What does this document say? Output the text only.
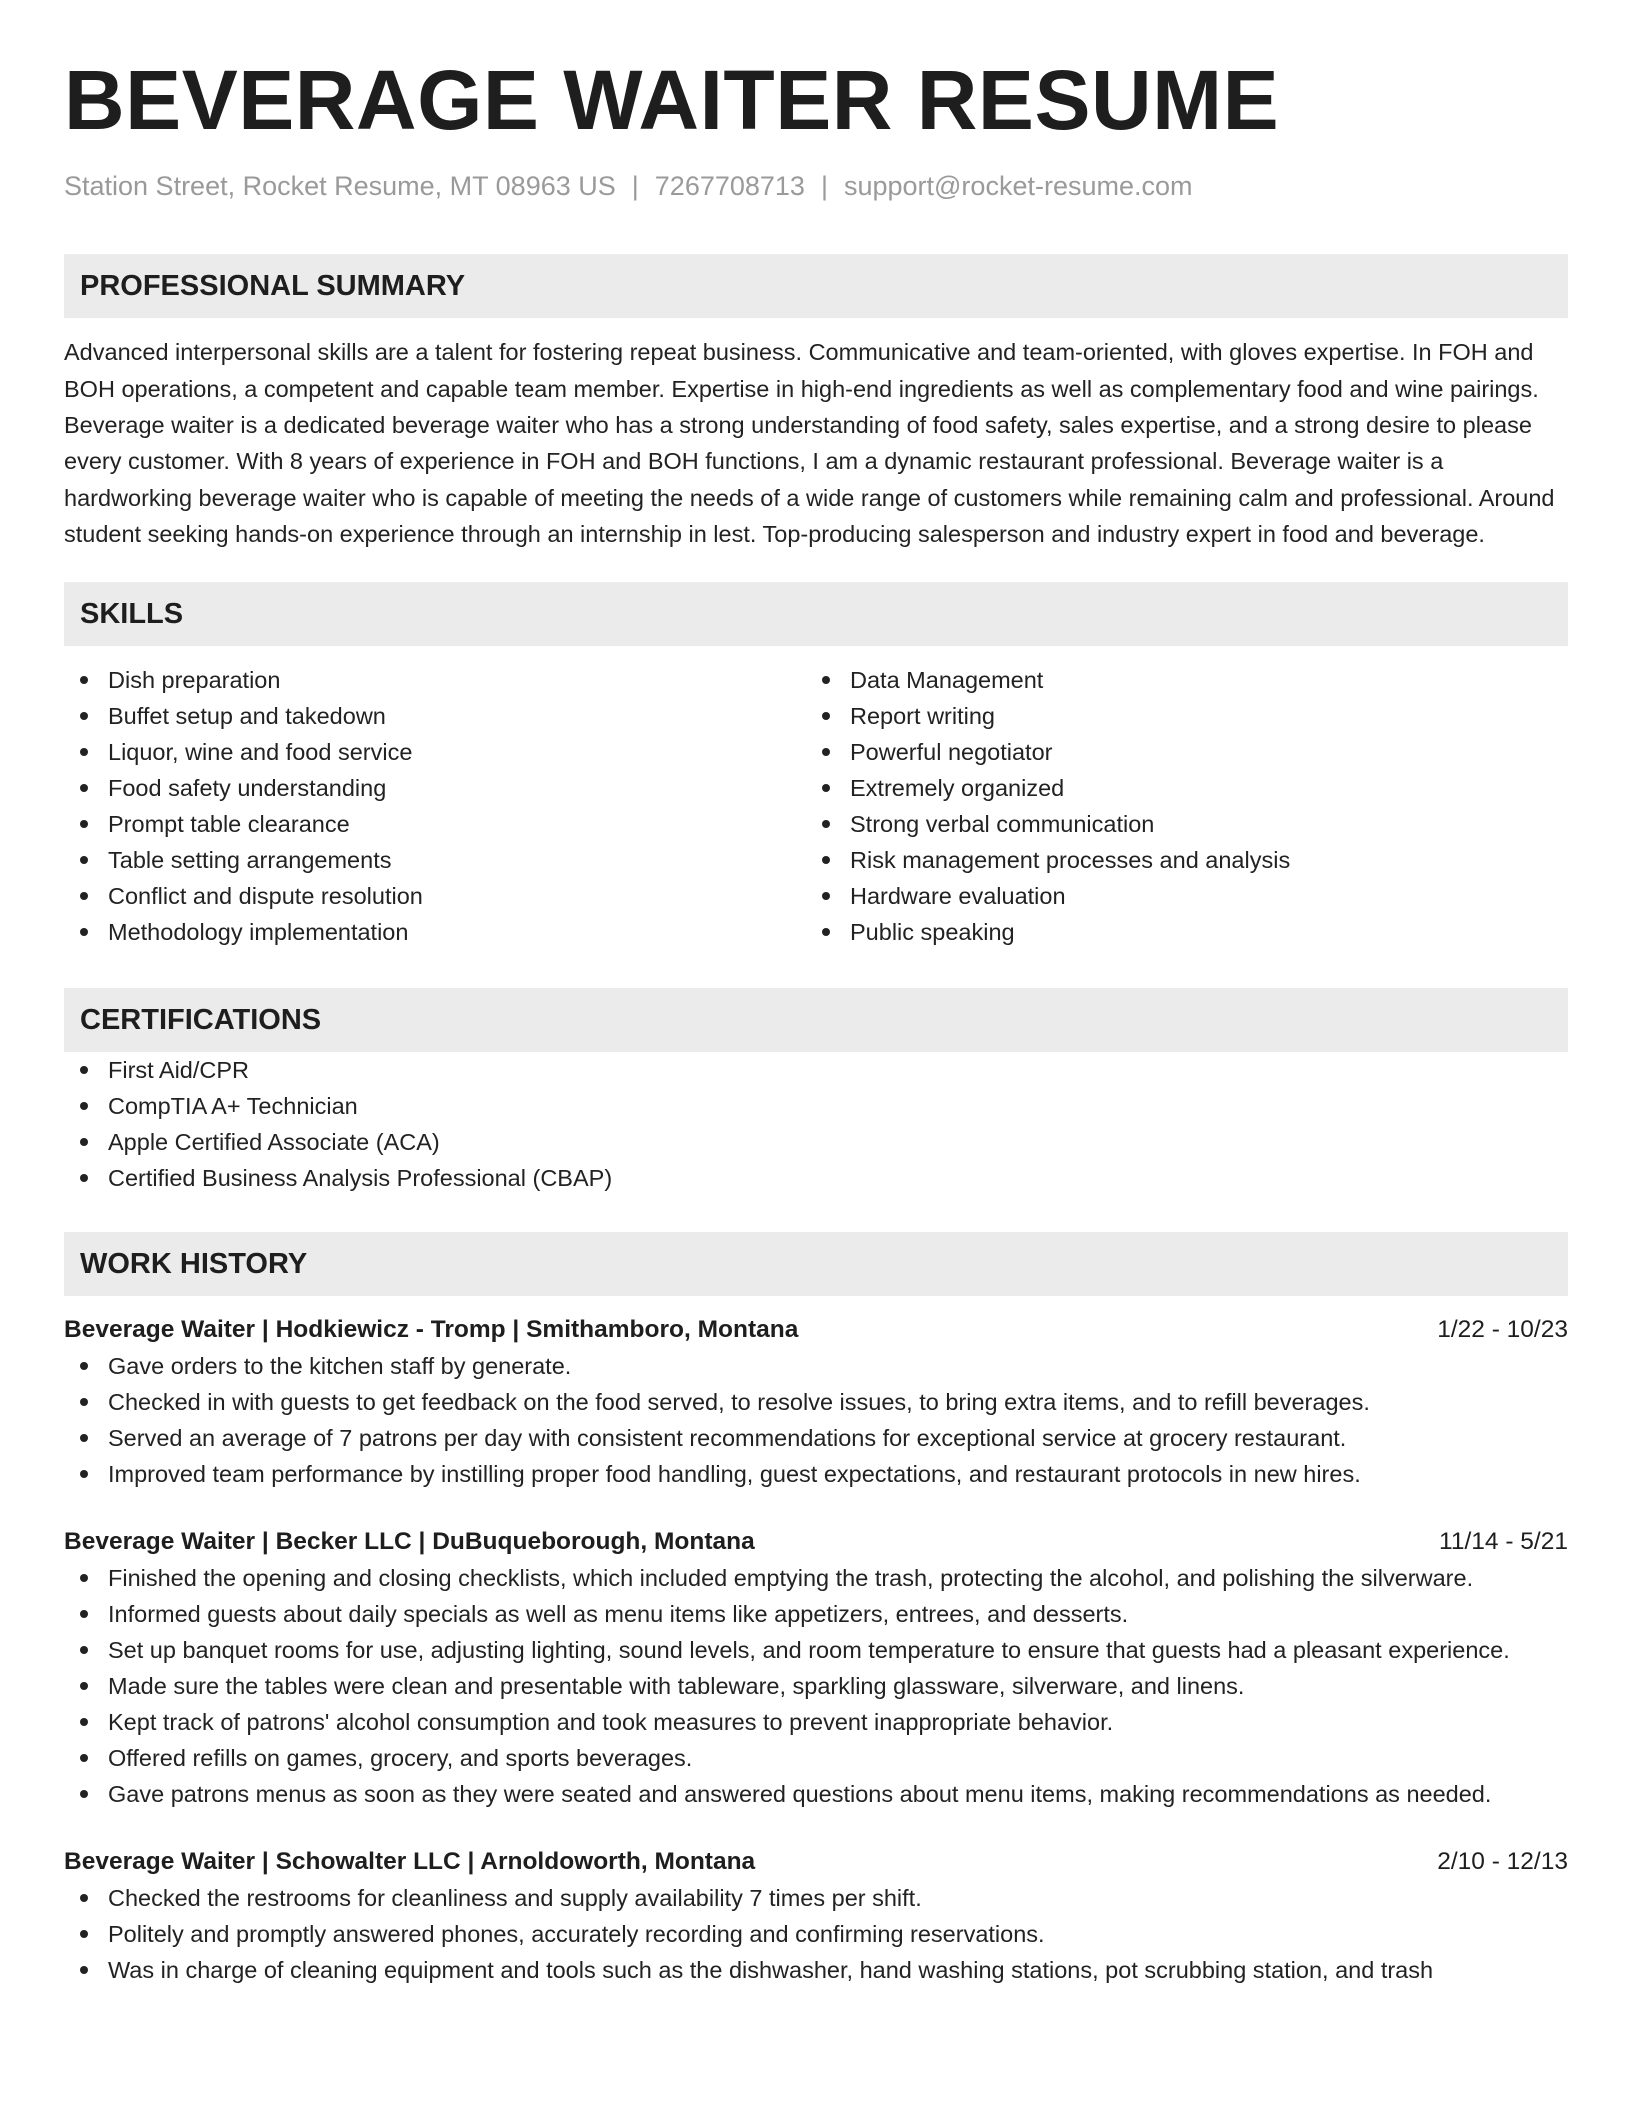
BEVERAGE WAITER RESUME
Station Street, Rocket Resume, MT 08963 US | 7267708713 | support@rocket-resume.com
PROFESSIONAL SUMMARY

Advanced interpersonal skills are a talent for fostering repeat business. Communicative and team-oriented, with gloves expertise. In FOH and BOH operations, a competent and capable team member. Expertise in high-end ingredients as well as complementary food and wine pairings. Beverage waiter is a dedicated beverage waiter who has a strong understanding of food safety, sales expertise, and a strong desire to please every customer. With 8 years of experience in FOH and BOH functions, I am a dynamic restaurant professional. Beverage waiter is a hardworking beverage waiter who is capable of meeting the needs of a wide range of customers while remaining calm and professional. Around student seeking hands-on experience through an internship in lest. Top-producing salesperson and industry expert in food and beverage.

SKILLS
Dish preparation
Buffet setup and takedown
Liquor, wine and food service
Food safety understanding
Prompt table clearance
Table setting arrangements
Conflict and dispute resolution
Methodology implementation
Data Management
Report writing
Powerful negotiator
Extremely organized
Strong verbal communication
Risk management processes and analysis
Hardware evaluation
Public speaking
CERTIFICATIONS
First Aid/CPR
CompTIA A+ Technician
Apple Certified Associate (ACA)
Certified Business Analysis Professional (CBAP)
WORK HISTORY
Beverage Waiter | Hodkiewicz - Tromp | Smithamboro, Montana	1/22 - 10/23
Gave orders to the kitchen staff by generate.
Checked in with guests to get feedback on the food served, to resolve issues, to bring extra items, and to refill beverages.
Served an average of 7 patrons per day with consistent recommendations for exceptional service at grocery restaurant.
Improved team performance by instilling proper food handling, guest expectations, and restaurant protocols in new hires.
Beverage Waiter | Becker LLC | DuBuqueborough, Montana	11/14 - 5/21
Finished the opening and closing checklists, which included emptying the trash, protecting the alcohol, and polishing the silverware.
Informed guests about daily specials as well as menu items like appetizers, entrees, and desserts.
Set up banquet rooms for use, adjusting lighting, sound levels, and room temperature to ensure that guests had a pleasant experience.
Made sure the tables were clean and presentable with tableware, sparkling glassware, silverware, and linens.
Kept track of patrons' alcohol consumption and took measures to prevent inappropriate behavior.
Offered refills on games, grocery, and sports beverages.
Gave patrons menus as soon as they were seated and answered questions about menu items, making recommendations as needed.
Beverage Waiter | Schowalter LLC | Arnoldoworth, Montana	2/10 - 12/13
Checked the restrooms for cleanliness and supply availability 7 times per shift.
Politely and promptly answered phones, accurately recording and confirming reservations.
Was in charge of cleaning equipment and tools such as the dishwasher, hand washing stations, pot scrubbing station, and trash
